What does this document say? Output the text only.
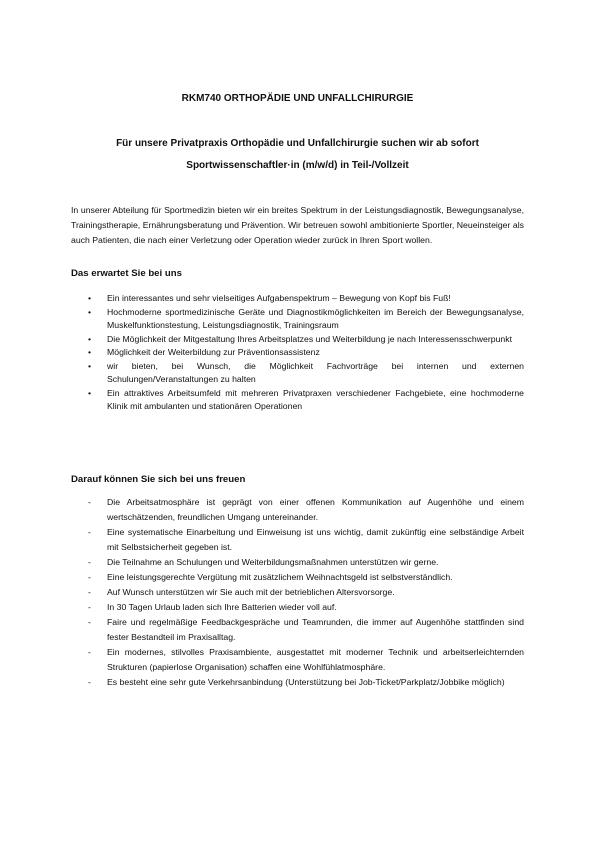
RKM740 ORTHOPÄDIE UND UNFALLCHIRURGIE
Für unsere Privatpraxis Orthopädie und Unfallchirurgie suchen wir ab sofort
Sportwissenschaftler·in (m/w/d) in Teil-/Vollzeit
In unserer Abteilung für Sportmedizin bieten wir ein breites Spektrum in der Leistungsdiagnostik, Bewegungsanalyse, Trainingstherapie, Ernährungsberatung und Prävention. Wir betreuen sowohl ambitionierte Sportler, Neueinsteiger als auch Patienten, die nach einer Verletzung oder Operation wieder zurück in Ihren Sport wollen.
Das erwartet Sie bei uns
• Ein interessantes und sehr vielseitiges Aufgabenspektrum – Bewegung von Kopf bis Fuß!
• Hochmoderne sportmedizinische Geräte und Diagnostikmöglichkeiten im Bereich der Bewegungsanalyse, Muskelfunktionstestung, Leistungsdiagnostik, Trainingsraum
• Die Möglichkeit der Mitgestaltung Ihres Arbeitsplatzes und Weiterbildung je nach Interessensschwerpunkt
• Möglichkeit der Weiterbildung zur Präventionsassistenz
• wir bieten, bei Wunsch, die Möglichkeit Fachvorträge bei internen und externen Schulungen/Veranstaltungen zu halten
• Ein attraktives Arbeitsumfeld mit mehreren Privatpraxen verschiedener Fachgebiete, eine hochmoderne Klinik mit ambulanten und stationären Operationen
Darauf können Sie sich bei uns freuen
- Die Arbeitsatmosphäre ist geprägt von einer offenen Kommunikation auf Augenhöhe und einem wertschätzenden, freundlichen Umgang untereinander.
- Eine systematische Einarbeitung und Einweisung ist uns wichtig, damit zukünftig eine selbständige Arbeit mit Selbstsicherheit gegeben ist.
- Die Teilnahme an Schulungen und Weiterbildungsmaßnahmen unterstützen wir gerne.
- Eine leistungsgerechte Vergütung mit zusätzlichem Weihnachtsgeld ist selbstverständlich.
- Auf Wunsch unterstützen wir Sie auch mit der betrieblichen Altersvorsorge.
- In 30 Tagen Urlaub laden sich Ihre Batterien wieder voll auf.
- Faire und regelmäßige Feedbackgespräche und Teamrunden, die immer auf Augenhöhe stattfinden sind fester Bestandteil im Praxisalltag.
- Ein modernes, stilvolles Praxisambiente, ausgestattet mit moderner Technik und arbeitserleichternden Strukturen (papierlose Organisation) schaffen eine Wohlfühlatmosphäre.
- Es besteht eine sehr gute Verkehrsanbindung (Unterstützung bei Job-Ticket/Parkplatz/Jobbike möglich)
